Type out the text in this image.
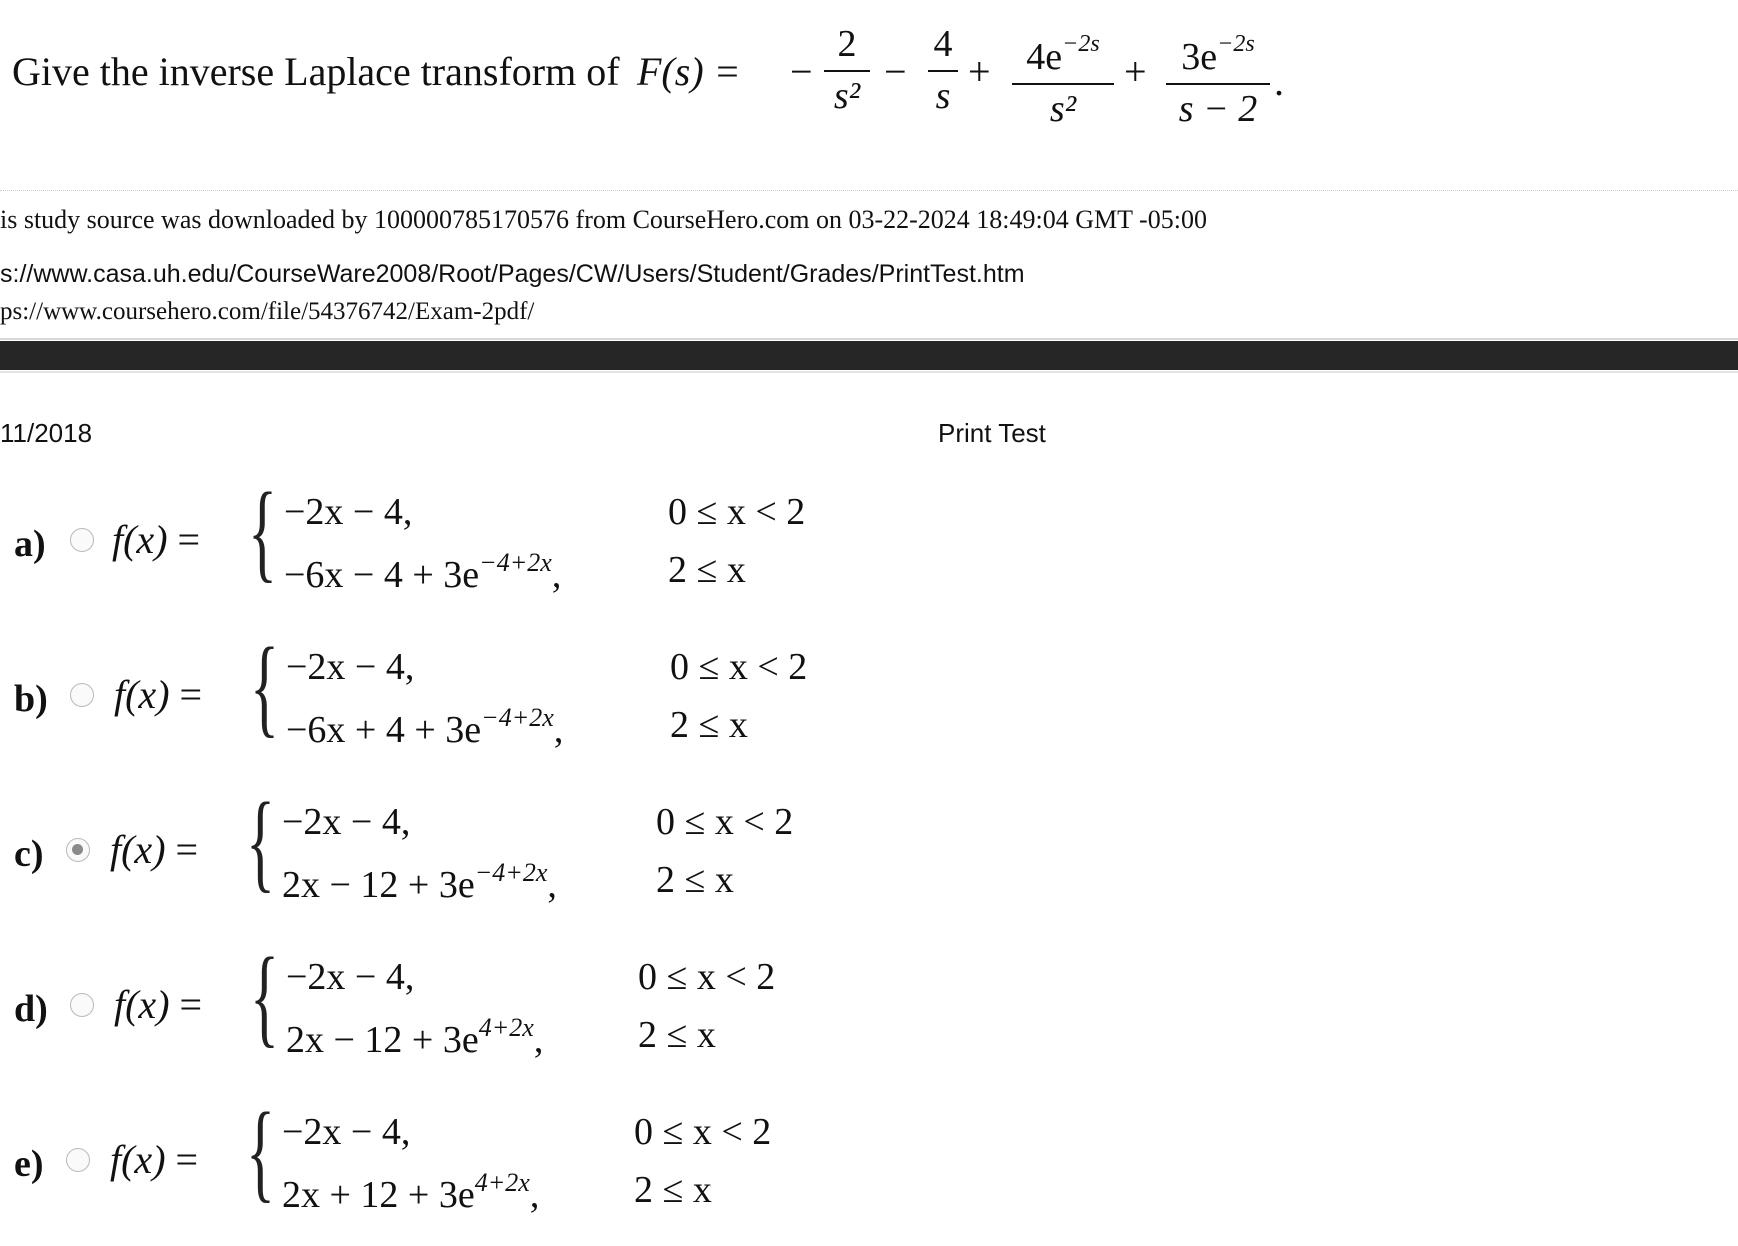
Give the inverse Laplace transform of F(s) = −
2
s²
−
4
s
+ $4e^{-2s}$
s²
+ $3e^{-2s}$
s − 2
.
is study source was downloaded by 100000785170576 from CourseHero.com on 03-22-2024 18:49:04 GMT -05:00
s://www.casa.uh.edu/CourseWare2008/Root/Pages/CW/Users/Student/Grades/PrintTest.htm
ps://www.coursehero.com/file/54376742/Exam-2pdf/
11/2018	Print Test
a) f(x) = { −2x − 4,
$-6x - 4 + 3e^{-4+2x}$,
0 ≤ x < 2
2 ≤ x
b) f(x) = { −2x − 4,
$-6x + 4 + 3e^{-4+2x}$,
0 ≤ x < 2
2 ≤ x
c) f(x) = { −2x − 4,
$2x - 12 + 3e^{-4+2x}$,
0 ≤ x < 2
2 ≤ x
d) f(x) = { −2x − 4,
$2x - 12 + 3e^{4+2x}$,
0 ≤ x < 2
2 ≤ x
e) f(x) = { −2x − 4,
$2x + 12 + 3e^{4+2x}$,
0 ≤ x < 2
2 ≤ x
